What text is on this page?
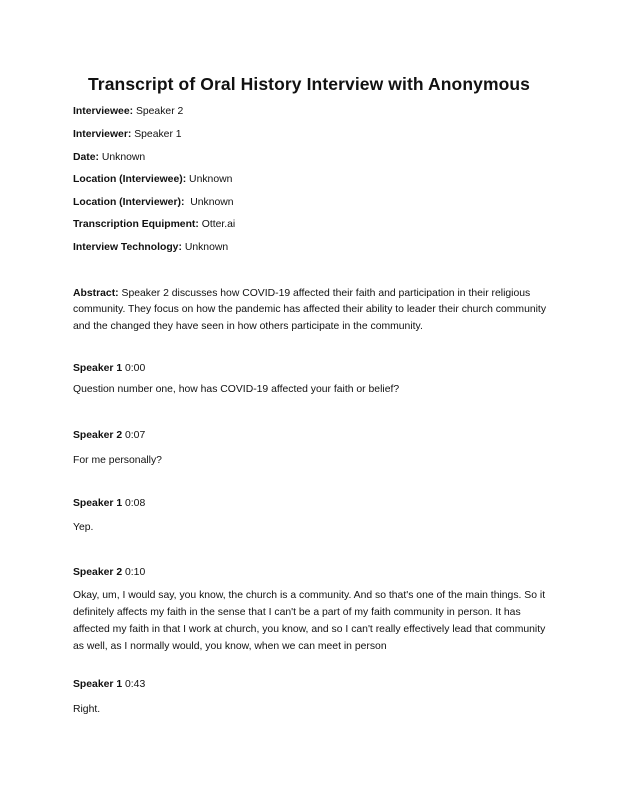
Transcript of Oral History Interview with Anonymous
Interviewee: Speaker 2
Interviewer: Speaker 1
Date: Unknown
Location (Interviewee): Unknown
Location (Interviewer):  Unknown
Transcription Equipment: Otter.ai
Interview Technology: Unknown
Abstract: Speaker 2 discusses how COVID-19 affected their faith and participation in their religious community. They focus on how the pandemic has affected their ability to leader their church community and the changed they have seen in how others participate in the community.
Speaker 1 0:00
Question number one, how has COVID-19 affected your faith or belief?
Speaker 2 0:07
For me personally?
Speaker 1 0:08
Yep.
Speaker 2 0:10
Okay, um, I would say, you know, the church is a community. And so that's one of the main things. So it definitely affects my faith in the sense that I can't be a part of my faith community in person. It has affected my faith in that I work at church, you know, and so I can't really effectively lead that community as well, as I normally would, you know, when we can meet in person
Speaker 1 0:43
Right.
